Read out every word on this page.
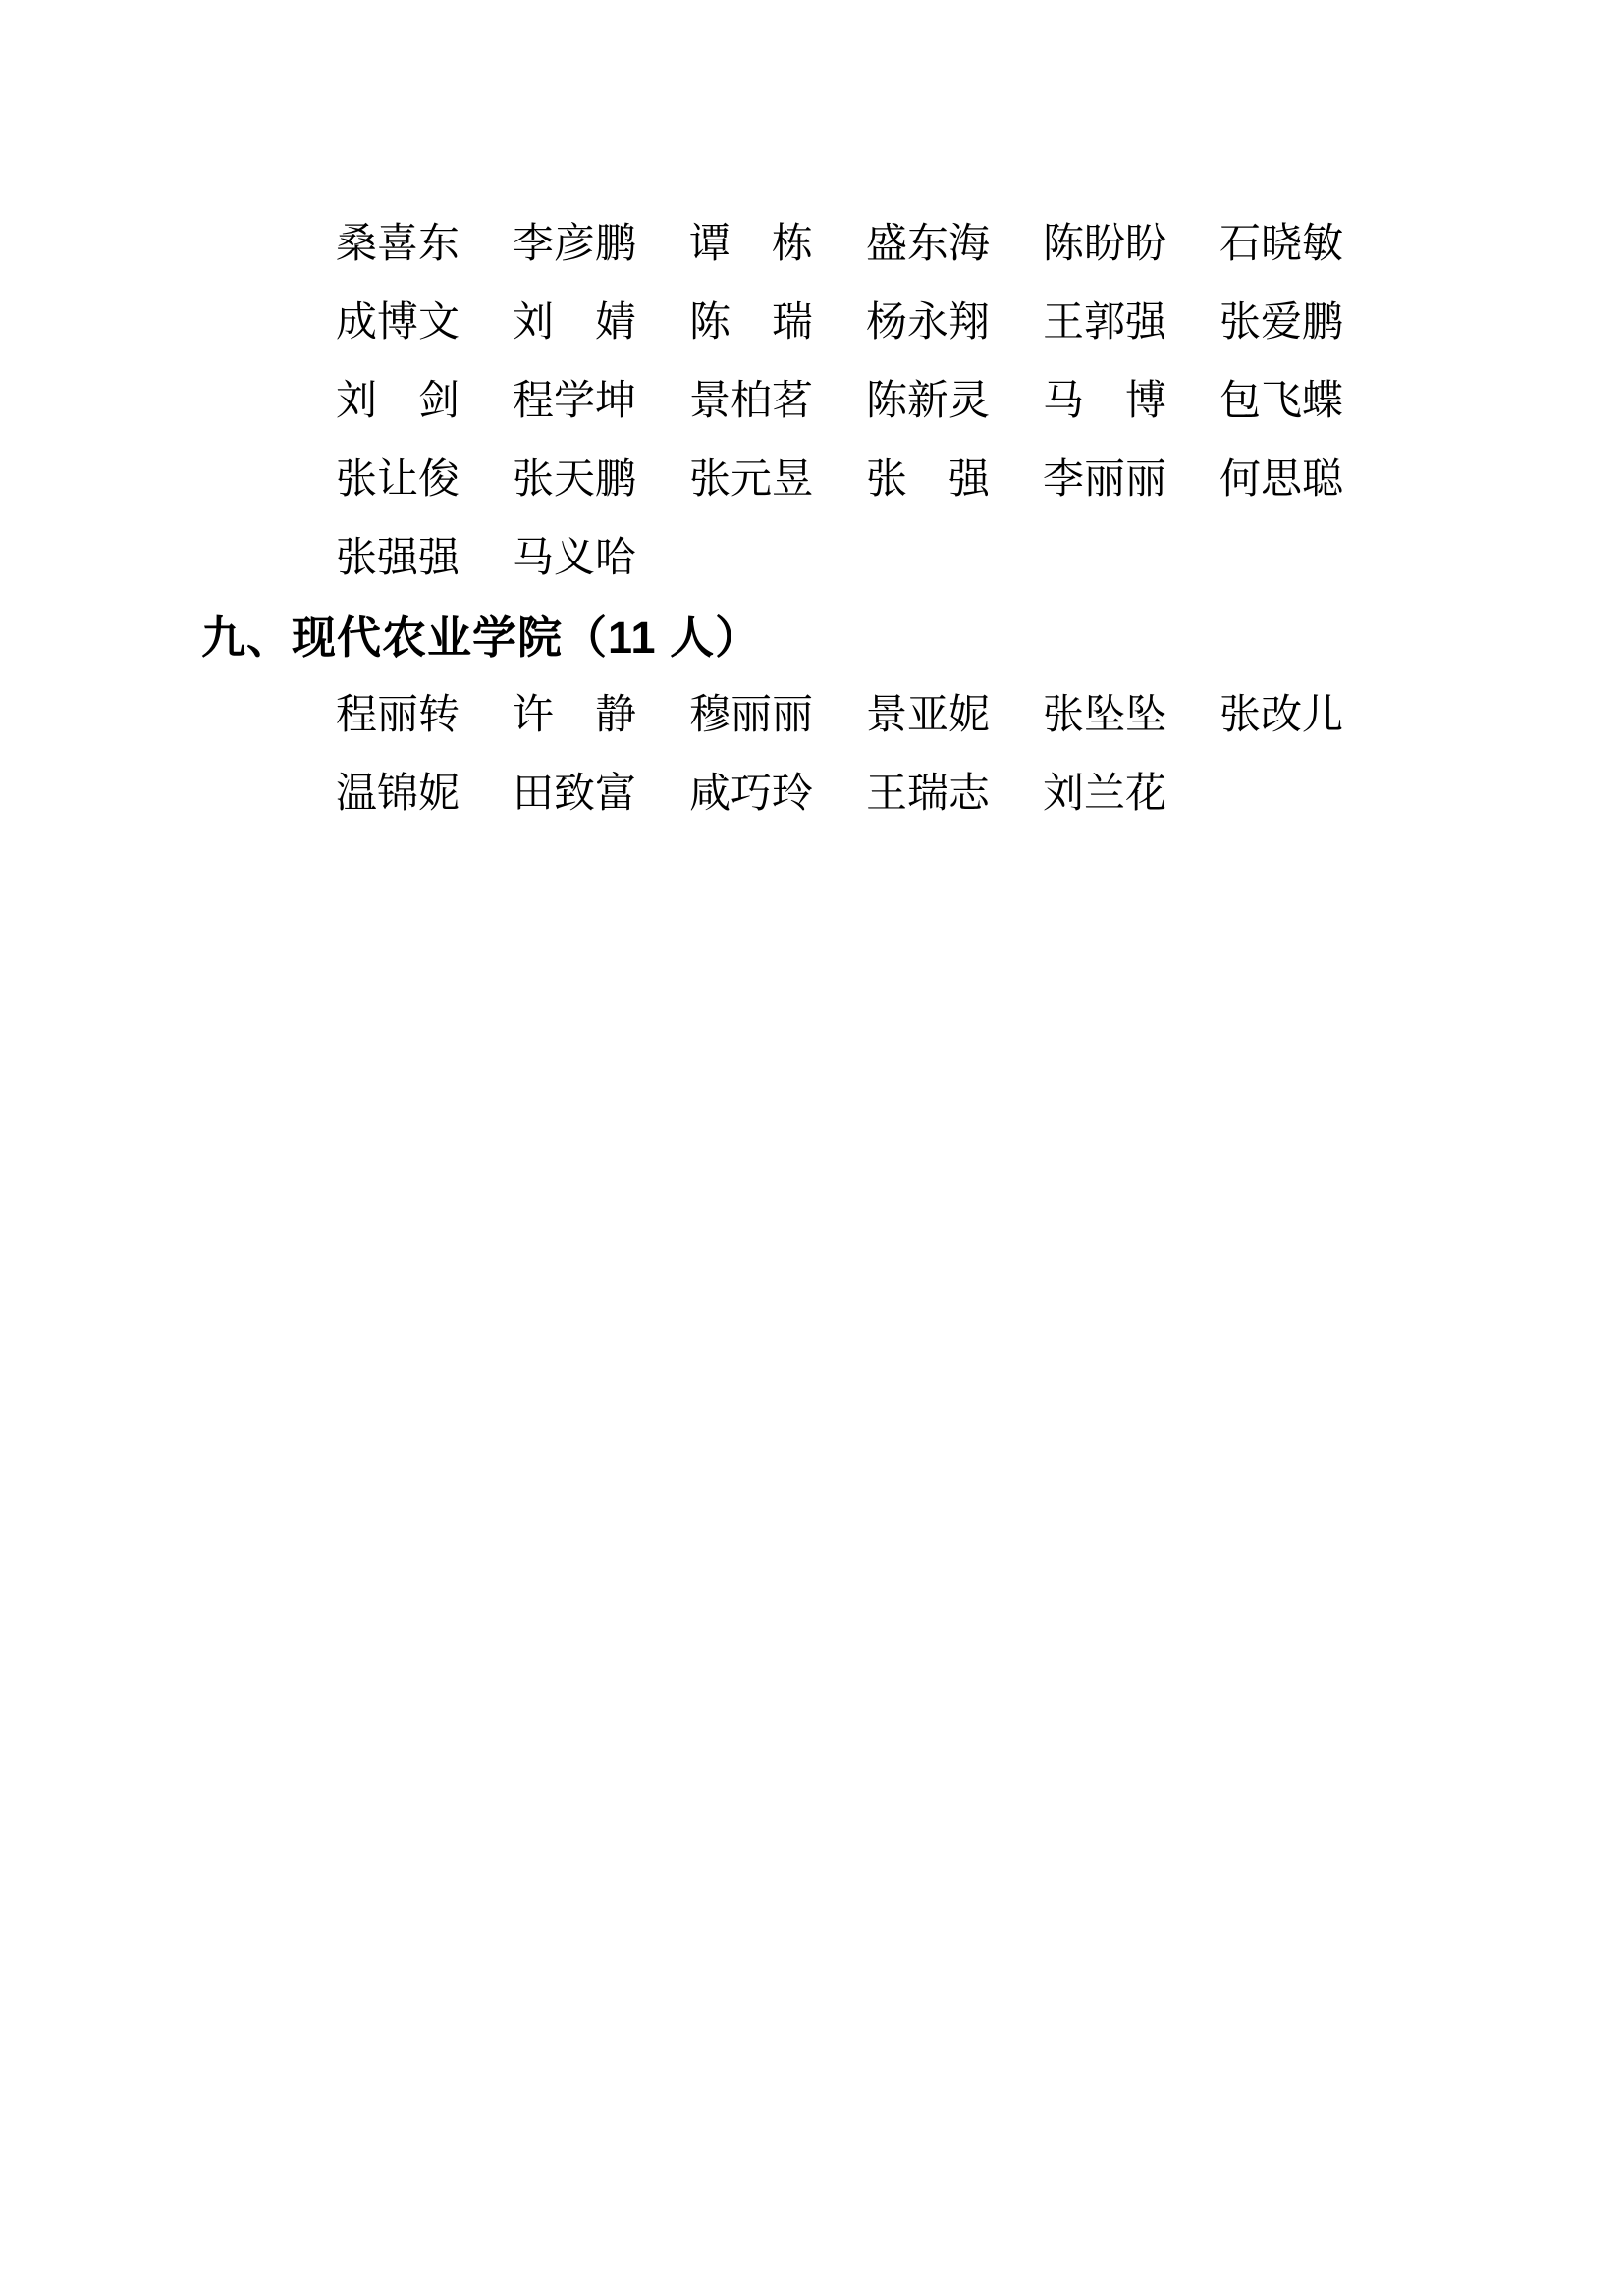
桑 喜 东 李 彦 鹏 谭 栋 盛 东 海 陈 盼 盼 石 晓 敏
成 博 文 刘 婧 陈 瑞 杨 永 翔 王 郭 强 张 爱 鹏
刘 剑 程 学 坤 景 柏 茗 陈 新 灵 马 博 包 飞 蝶
张 让 俊 张 天 鹏 张 元 昱 张 强 李 丽 丽 何 思 聪
张 强 强 马 义 哈
九、现代农业学院（11 人）
程 丽 转 许 静 穆 丽 丽 景 亚 妮 张 坠 坠 张 改 儿
温 锦 妮 田 致 富 咸 巧 玲 王 瑞 志 刘 兰 花
